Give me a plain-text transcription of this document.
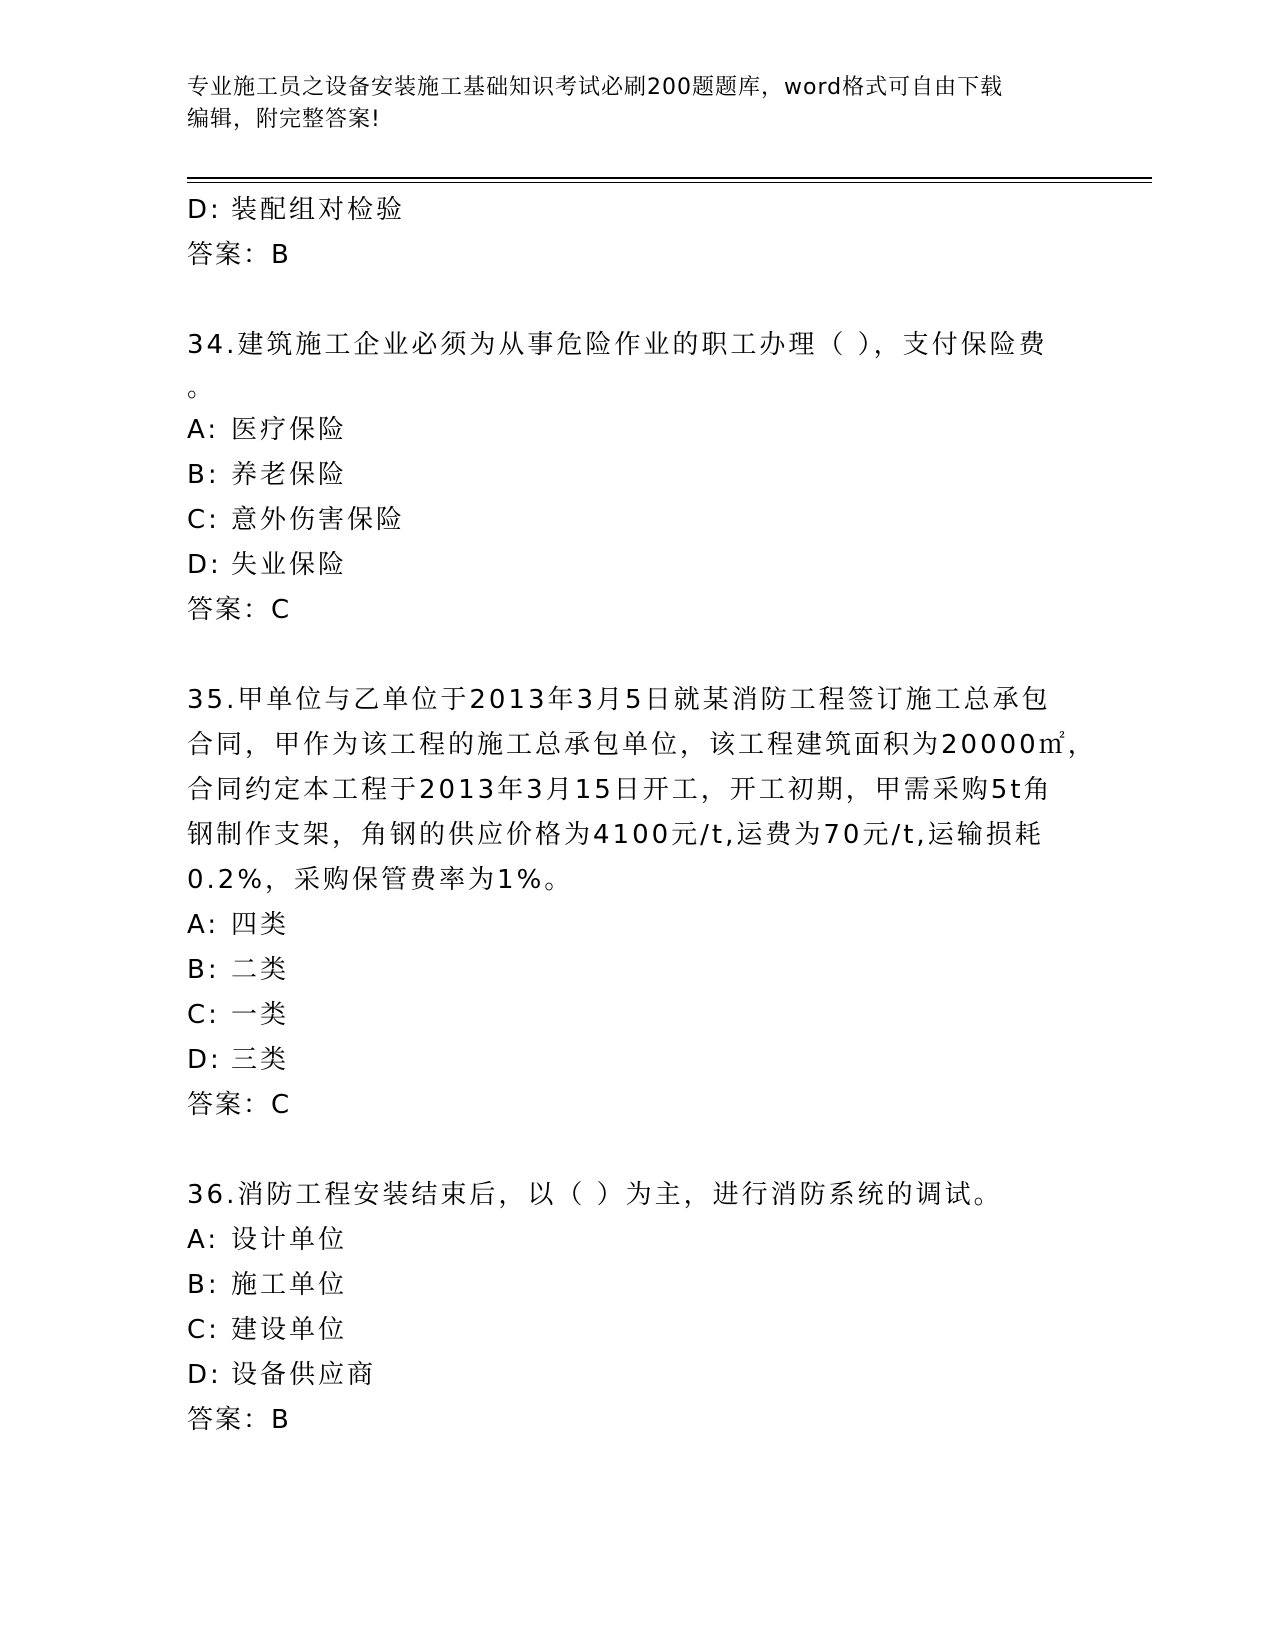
专业施工员之设备安装施工基础知识考试必刷200题题库，word格式可自由下载
编辑，附完整答案!
D: 装配组对检验
答案：B
34.建筑施工企业必须为从事危险作业的职工办理（ ），支付保险费
。
A: 医疗保险
B: 养老保险
C: 意外伤害保险
D: 失业保险
答案：C
35.甲单位与乙单位于2013年3月5日就某消防工程签订施工总承包
合同，甲作为该工程的施工总承包单位，该工程建筑面积为20000㎡，
合同约定本工程于2013年3月15日开工，开工初期，甲需采购5t角
钢制作支架，角钢的供应价格为4100元/t,运费为70元/t,运输损耗
0.2%，采购保管费率为1%。
A: 四类
B: 二类
C: 一类
D: 三类
答案：C
36.消防工程安装结束后，以（ ）为主，进行消防系统的调试。
A: 设计单位
B: 施工单位
C: 建设单位
D: 设备供应商
答案：B
